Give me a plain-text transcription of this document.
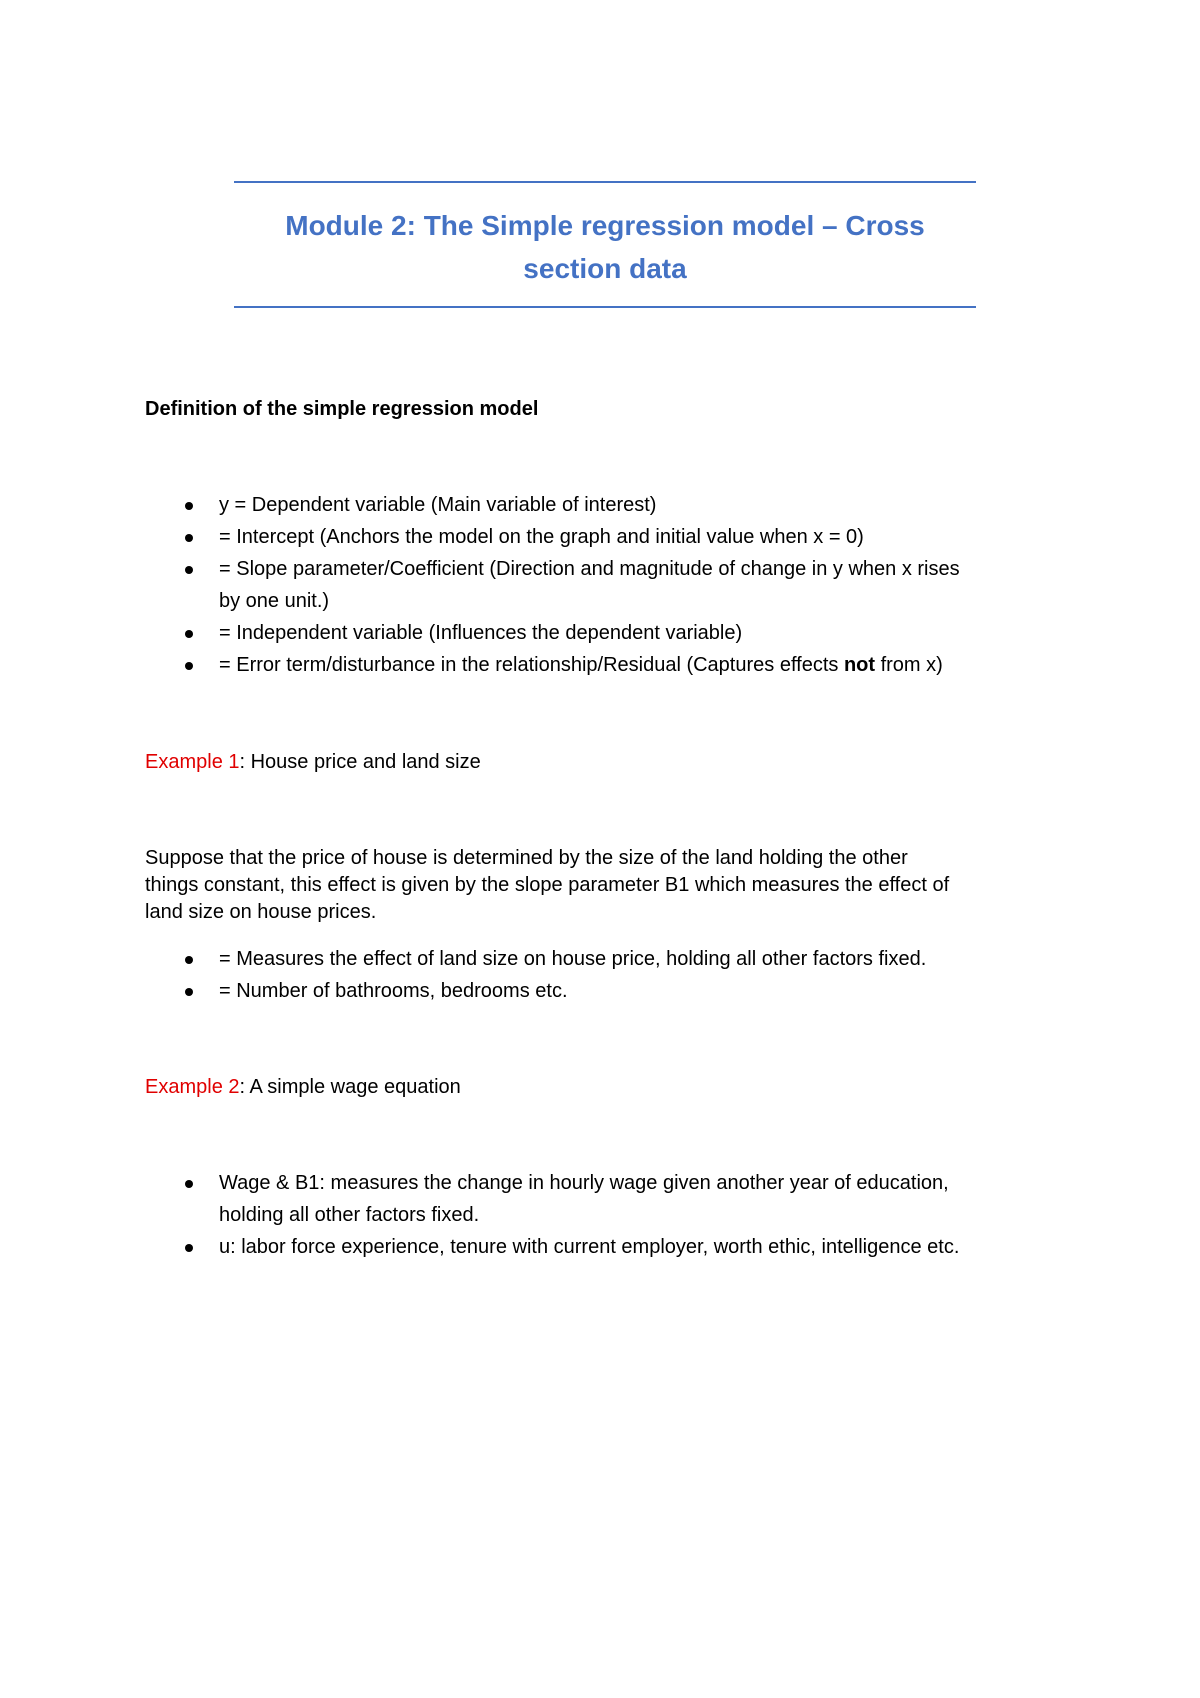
Module 2: The Simple regression model – Cross section data
Definition of the simple regression model
y = Dependent variable (Main variable of interest)
= Intercept (Anchors the model on the graph and initial value when x = 0)
= Slope parameter/Coefficient (Direction and magnitude of change in y when x rises
by one unit.)
= Independent variable (Influences the dependent variable)
= Error term/disturbance in the relationship/Residual (Captures effects not from x)
Example 1: House price and land size
Suppose that the price of house is determined by the size of the land holding the other
things constant, this effect is given by the slope parameter B1 which measures the effect of
land size on house prices.
= Measures the effect of land size on house price, holding all other factors fixed.
= Number of bathrooms, bedrooms etc.
Example 2: A simple wage equation
Wage & B1: measures the change in hourly wage given another year of education,
holding all other factors fixed.
u: labor force experience, tenure with current employer, worth ethic, intelligence etc.
